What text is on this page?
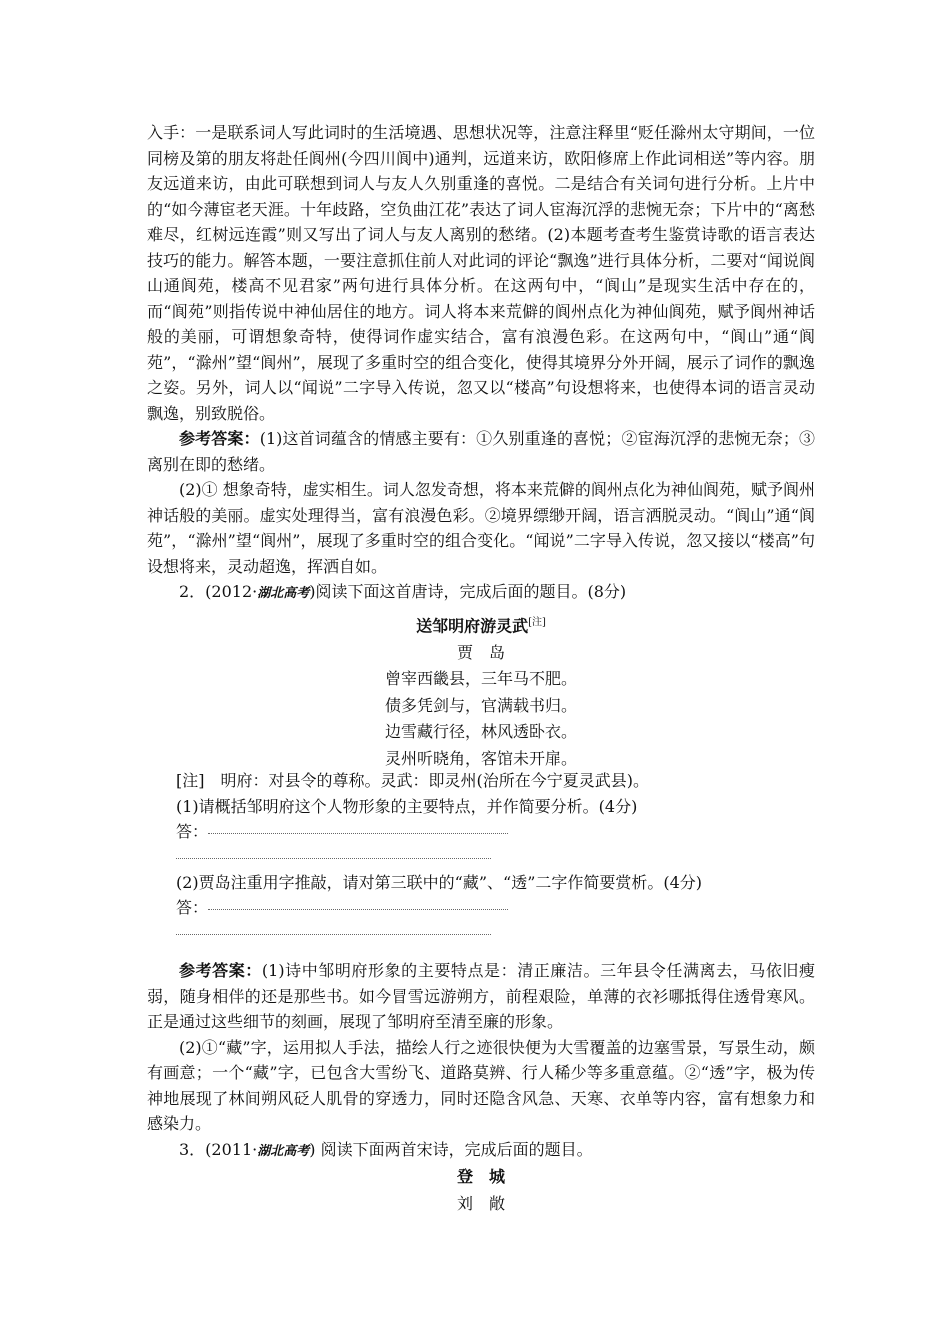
入手：一是联系词人写此词时的生活境遇、思想状况等，注意注释里“贬任滁州太守期间，一位同榜及第的朋友将赴任阆州(今四川阆中)通判，远道来访，欧阳修席上作此词相送”等内容。朋友远道来访，由此可联想到词人与友人久别重逢的喜悦。二是结合有关词句进行分析。上片中的“如今薄宦老天涯。十年歧路，空负曲江花”表达了词人宦海沉浮的悲惋无奈；下片中的“离愁难尽，红树远连霞”则又写出了词人与友人离别的愁绪。(2)本题考查考生鉴赏诗歌的语言表达技巧的能力。解答本题，一要注意抓住前人对此词的评论“飘逸”进行具体分析，二要对“闻说阆山通阆苑，楼高不见君家”两句进行具体分析。在这两句中，“阆山”是现实生活中存在的，而“阆苑”则指传说中神仙居住的地方。词人将本来荒僻的阆州点化为神仙阆苑，赋予阆州神话般的美丽，可谓想象奇特，使得词作虚实结合，富有浪漫色彩。在这两句中，“阆山”通“阆苑”，“滁州”望“阆州”，展现了多重时空的组合变化，使得其境界分外开阔，展示了词作的飘逸之姿。另外，词人以“闻说”二字导入传说，忽又以“楼高”句设想将来，也使得本词的语言灵动飘逸，别致脱俗。

参考答案：(1)这首词蕴含的情感主要有：①久别重逢的喜悦；②宦海沉浮的悲惋无奈；③离别在即的愁绪。

(2)① 想象奇特，虚实相生。词人忽发奇想，将本来荒僻的阆州点化为神仙阆苑，赋予阆州神话般的美丽。虚实处理得当，富有浪漫色彩。②境界缥缈开阔，语言洒脱灵动。“阆山”通“阆苑”，“滁州”望“阆州”，展现了多重时空的组合变化。“闻说”二字导入传说，忽又接以“楼高”句设想将来，灵动超逸，挥洒自如。

2．(2012·湖北高考)阅读下面这首唐诗，完成后面的题目。(8分)

送邹明府游灵武[注]
贾　岛
曾宰西畿县，三年马不肥。
债多凭剑与，官满载书归。
边雪藏行径，林风透卧衣。
灵州听晓角，客馆未开扉。

[注]　明府：对县令的尊称。灵武：即灵州(治所在今宁夏灵武县)。

(1)请概括邹明府这个人物形象的主要特点，并作简要分析。(4分)

答：

(2)贾岛注重用字推敲，请对第三联中的“藏”、“透”二字作简要赏析。(4分)

答：

参考答案：(1)诗中邹明府形象的主要特点是：清正廉洁。三年县令任满离去，马依旧瘦弱，随身相伴的还是那些书。如今冒雪远游朔方，前程艰险，单薄的衣衫哪抵得住透骨寒风。正是通过这些细节的刻画，展现了邹明府至清至廉的形象。

(2)①“藏”字，运用拟人手法，描绘人行之迹很快便为大雪覆盖的边塞雪景，写景生动，颇有画意；一个“藏”字，已包含大雪纷飞、道路莫辨、行人稀少等多重意蕴。②“透”字，极为传神地展现了林间朔风砭人肌骨的穿透力，同时还隐含风急、天寒、衣单等内容，富有想象力和感染力。

3．(2011·湖北高考) 阅读下面两首宋诗，完成后面的题目。

登　城
刘　敞
